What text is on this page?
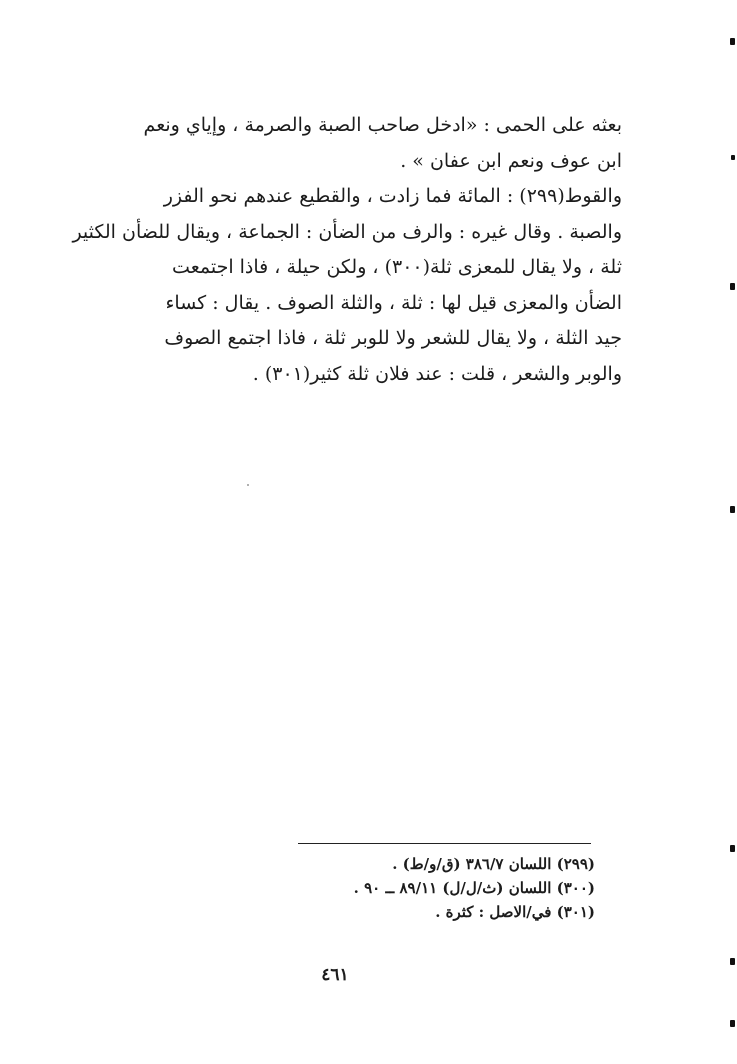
بعثه على الحمى : «ادخل صاحب الصبة والصرمة ، وإياي ونعم
ابن عوف ونعم ابن عفان » .
والقوط(٢٩٩) : المائة فما زادت ، والقطيع عندهم نحو الفزر
والصبة . وقال غيره : والرف من الضأن : الجماعة ، ويقال للضأن الكثير
ثلة ، ولا يقال للمعزى ثلة(٣٠٠) ، ولكن حيلة ، فاذا اجتمعت
الضأن والمعزى قيل لها : ثلة ، والثلة الصوف . يقال : كساء
جيد الثلة ، ولا يقال للشعر ولا للوبر ثلة ، فاذا اجتمع الصوف
والوبر والشعر ، قلت : عند فلان ثلة كثير(٣٠١) .
(٢٩٩) اللسان ٣٨٦/٧ (ق/و/ط) .
(٣٠٠) اللسان (ث/ل/ل) ٨٩/١١ ــ ٩٠ .
(٣٠١) في/الاصل : كثرة .
٤٦١
